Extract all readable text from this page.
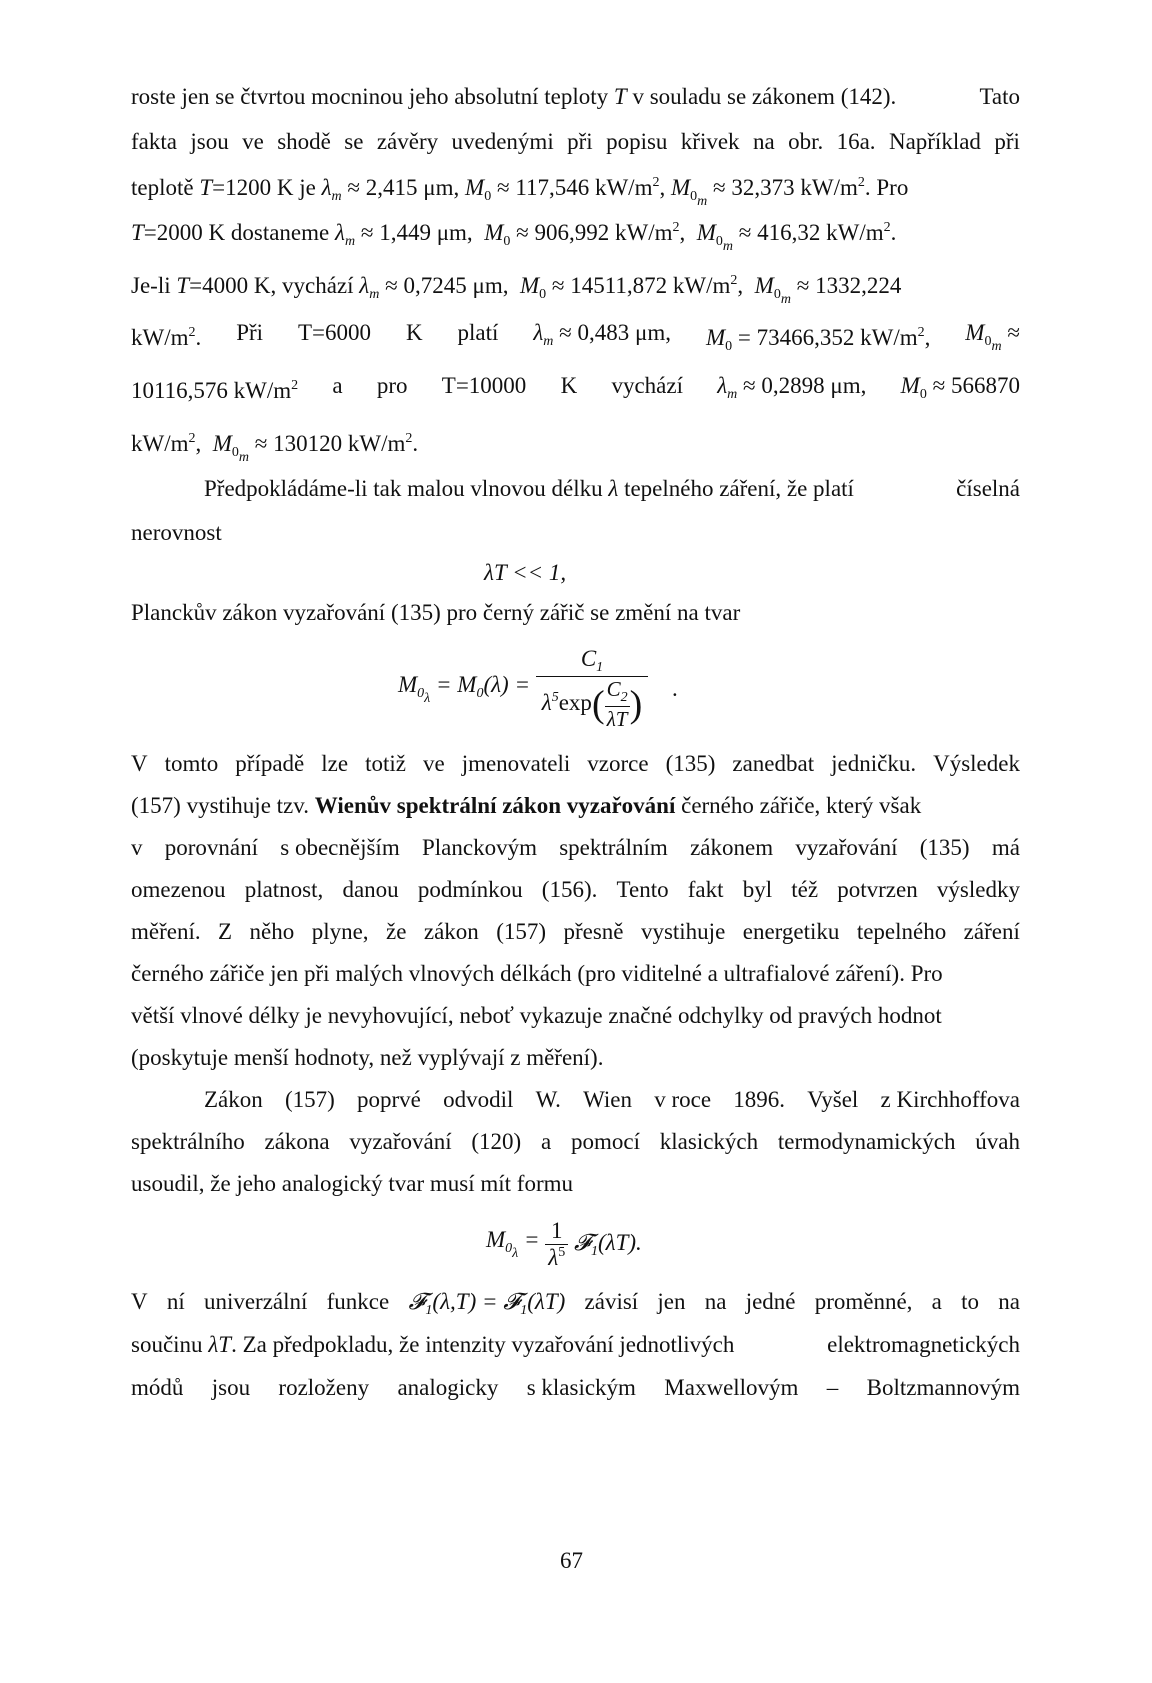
roste jen se čtvrtou mocninou jeho absolutní teploty T v souladu se zákonem (142).	Tato
fakta jsou ve shodě se závěry uvedenými při popisu křivek na obr. 16a. Například při
teplotě T=1200 K je $\lambda_m \approx 2,415$ μm, $M_0 \approx 117,546$ $kW/m^2$, $M_{0_m} \approx 32,373$ $kW/m^2$. Pro
T=2000 K dostaneme $\lambda_m \approx 1,449$ μm,  $M_0 \approx 906,992$ $kW/m^2$,  $M_{0_m} \approx 416,32$ $kW/m^2$.
Je-li T=4000 K, vychází $\lambda_m \approx 0,7245$ μm,  $M_0 \approx 14511,872$ $kW/m^2$,  $M_{0_m} \approx 1332,224$
$kW/m^2$. Při T=6000 K platí $\lambda_m \approx 0,483$ μm, $M_0 = 73466,352$ $kW/m^2$, $M_{0_m}$ ≈
10116,576 $kW/m^2$ a pro T=10000 K vychází $\lambda_m \approx 0,2898$ μm, $M_0 \approx 566870$
$kW/m^2$,  $M_{0_m} \approx 130120$ $kW/m^2$.
Předpokládáme-li tak malou vlnovou délku λ tepelného záření, že platí	číselná
nerovnost
λT << 1,
Planckův zákon vyzařování (135) pro černý zářič se změní na tvar
$M_{0_\lambda} = M_0(\lambda) = \frac{C_1}{\lambda^5\exp( \frac{C_2}{\lambda T} )}$ .
V tomto případě lze totiž ve jmenovateli vzorce (135) zanedbat jedničku. Výsledek
(157) vystihuje tzv. Wienův spektrální zákon vyzařování černého zářiče, který však
v porovnání s obecnějším Planckovým spektrálním zákonem vyzařování (135) má
omezenou platnost, danou podmínkou (156). Tento fakt byl též potvrzen výsledky
měření. Z něho plyne, že zákon (157) přesně vystihuje energetiku tepelného záření
černého zářiče jen při malých vlnových délkách (pro viditelné a ultrafialové záření). Pro
větší vlnové délky je nevyhovující, neboť vykazuje značné odchylky od pravých hodnot
(poskytuje menší hodnoty, než vyplývají z měření).
Zákon (157) poprvé odvodil W. Wien v roce 1896. Vyšel z Kirchhoffova
spektrálního zákona vyzařování (120) a pomocí klasických termodynamických úvah
usoudil, že jeho analogický tvar musí mít formu
$M_{0_\lambda} = \frac{1}{\lambda^5}$ 𝓕$_1$(λT).
V ní univerzální funkce 𝓕$_1$(λ,T) = 𝓕$_1$(λT) závisí jen na jedné proměnné, a to na
součinu λT. Za předpokladu, že intenzity vyzařování jednotlivých	elektromagnetických
módů jsou rozloženy analogicky s klasickým Maxwellovým – Boltzmannovým
67
